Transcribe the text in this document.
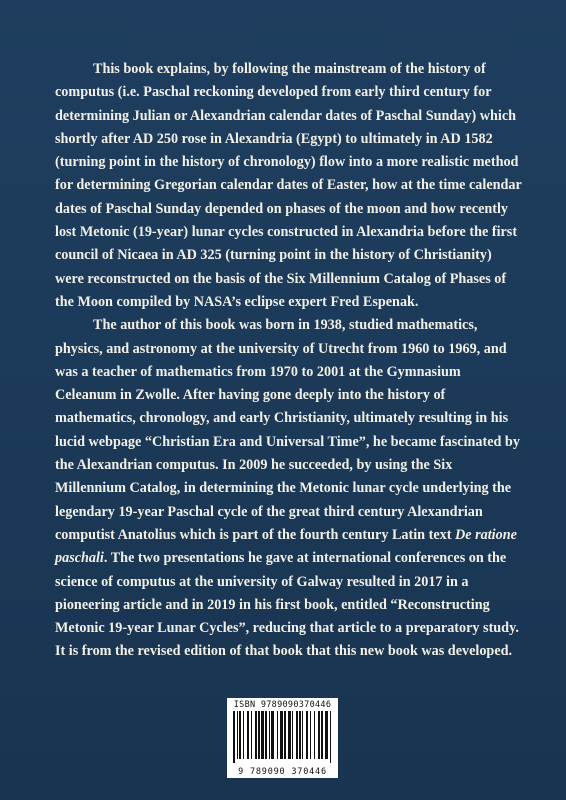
This book explains, by following the mainstream of the history of computus (i.e. Paschal reckoning developed from early third century for determining Julian or Alexandrian calendar dates of Paschal Sunday) which shortly after AD 250 rose in Alexandria (Egypt) to ultimately in AD 1582 (turning point in the history of chronology) flow into a more realistic method for determining Gregorian calendar dates of Easter, how at the time calendar dates of Paschal Sunday depended on phases of the moon and how recently lost Metonic (19-year) lunar cycles constructed in Alexandria before the first council of Nicaea in AD 325 (turning point in the history of Christianity) were reconstructed on the basis of the Six Millennium Catalog of Phases of the Moon compiled by NASA’s eclipse expert Fred Espenak.

The author of this book was born in 1938, studied mathematics, physics, and astronomy at the university of Utrecht from 1960 to 1969, and was a teacher of mathematics from 1970 to 2001 at the Gymnasium Celeanum in Zwolle. After having gone deeply into the history of mathematics, chronology, and early Christianity, ultimately resulting in his lucid webpage “Christian Era and Universal Time”, he became fascinated by the Alexandrian computus. In 2009 he succeeded, by using the Six Millennium Catalog, in determining the Metonic lunar cycle underlying the legendary 19-year Paschal cycle of the great third century Alexandrian computist Anatolius which is part of the fourth century Latin text De ratione paschali. The two presentations he gave at international conferences on the science of computus at the university of Galway resulted in 2017 in a pioneering article and in 2019 in his first book, entitled “Reconstructing Metonic 19-year Lunar Cycles”, reducing that article to a preparatory study. It is from the revised edition of that book that this new book was developed.

ISBN 9789090370446
9 789090 370446
